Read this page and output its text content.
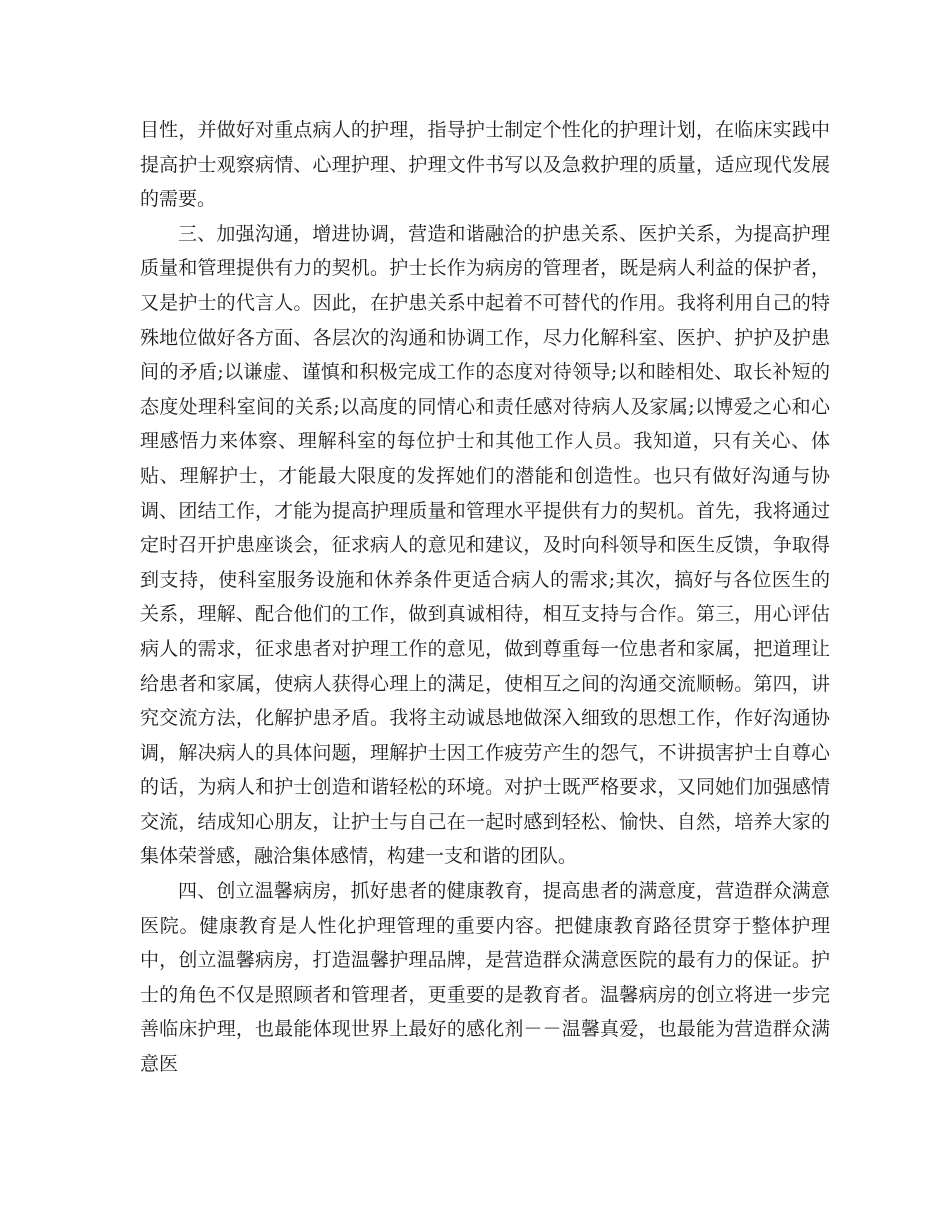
目性，并做好对重点病人的护理，指导护士制定个性化的护理计划，在临床实践中提高护士观察病情、心理护理、护理文件书写以及急救护理的质量，适应现代发展的需要。

三、加强沟通，增进协调，营造和谐融洽的护患关系、医护关系，为提高护理质量和管理提供有力的契机。护士长作为病房的管理者，既是病人利益的保护者，又是护士的代言人。因此，在护患关系中起着不可替代的作用。我将利用自己的特殊地位做好各方面、各层次的沟通和协调工作，尽力化解科室、医护、护护及护患间的矛盾;以谦虚、谨慎和积极完成工作的态度对待领导;以和睦相处、取长补短的态度处理科室间的关系;以高度的同情心和责任感对待病人及家属;以博爱之心和心理感悟力来体察、理解科室的每位护士和其他工作人员。我知道，只有关心、体贴、理解护士，才能最大限度的发挥她们的潜能和创造性。也只有做好沟通与协调、团结工作，才能为提高护理质量和管理水平提供有力的契机。首先，我将通过定时召开护患座谈会，征求病人的意见和建议，及时向科领导和医生反馈，争取得到支持，使科室服务设施和休养条件更适合病人的需求;其次，搞好与各位医生的关系，理解、配合他们的工作，做到真诚相待，相互支持与合作。第三，用心评估病人的需求，征求患者对护理工作的意见，做到尊重每一位患者和家属，把道理让给患者和家属，使病人获得心理上的满足，使相互之间的沟通交流顺畅。第四，讲究交流方法，化解护患矛盾。我将主动诚恳地做深入细致的思想工作，作好沟通协调，解决病人的具体问题，理解护士因工作疲劳产生的怨气，不讲损害护士自尊心的话，为病人和护士创造和谐轻松的环境。对护士既严格要求，又同她们加强感情交流，结成知心朋友，让护士与自己在一起时感到轻松、愉快、自然，培养大家的集体荣誉感，融洽集体感情，构建一支和谐的团队。

四、创立温馨病房，抓好患者的健康教育，提高患者的满意度，营造群众满意医院。健康教育是人性化护理管理的重要内容。把健康教育路径贯穿于整体护理中，创立温馨病房，打造温馨护理品牌，是营造群众满意医院的最有力的保证。护士的角色不仅是照顾者和管理者，更重要的是教育者。温馨病房的创立将进一步完善临床护理，也最能体现世界上最好的感化剂－－温馨真爱，也最能为营造群众满意医
